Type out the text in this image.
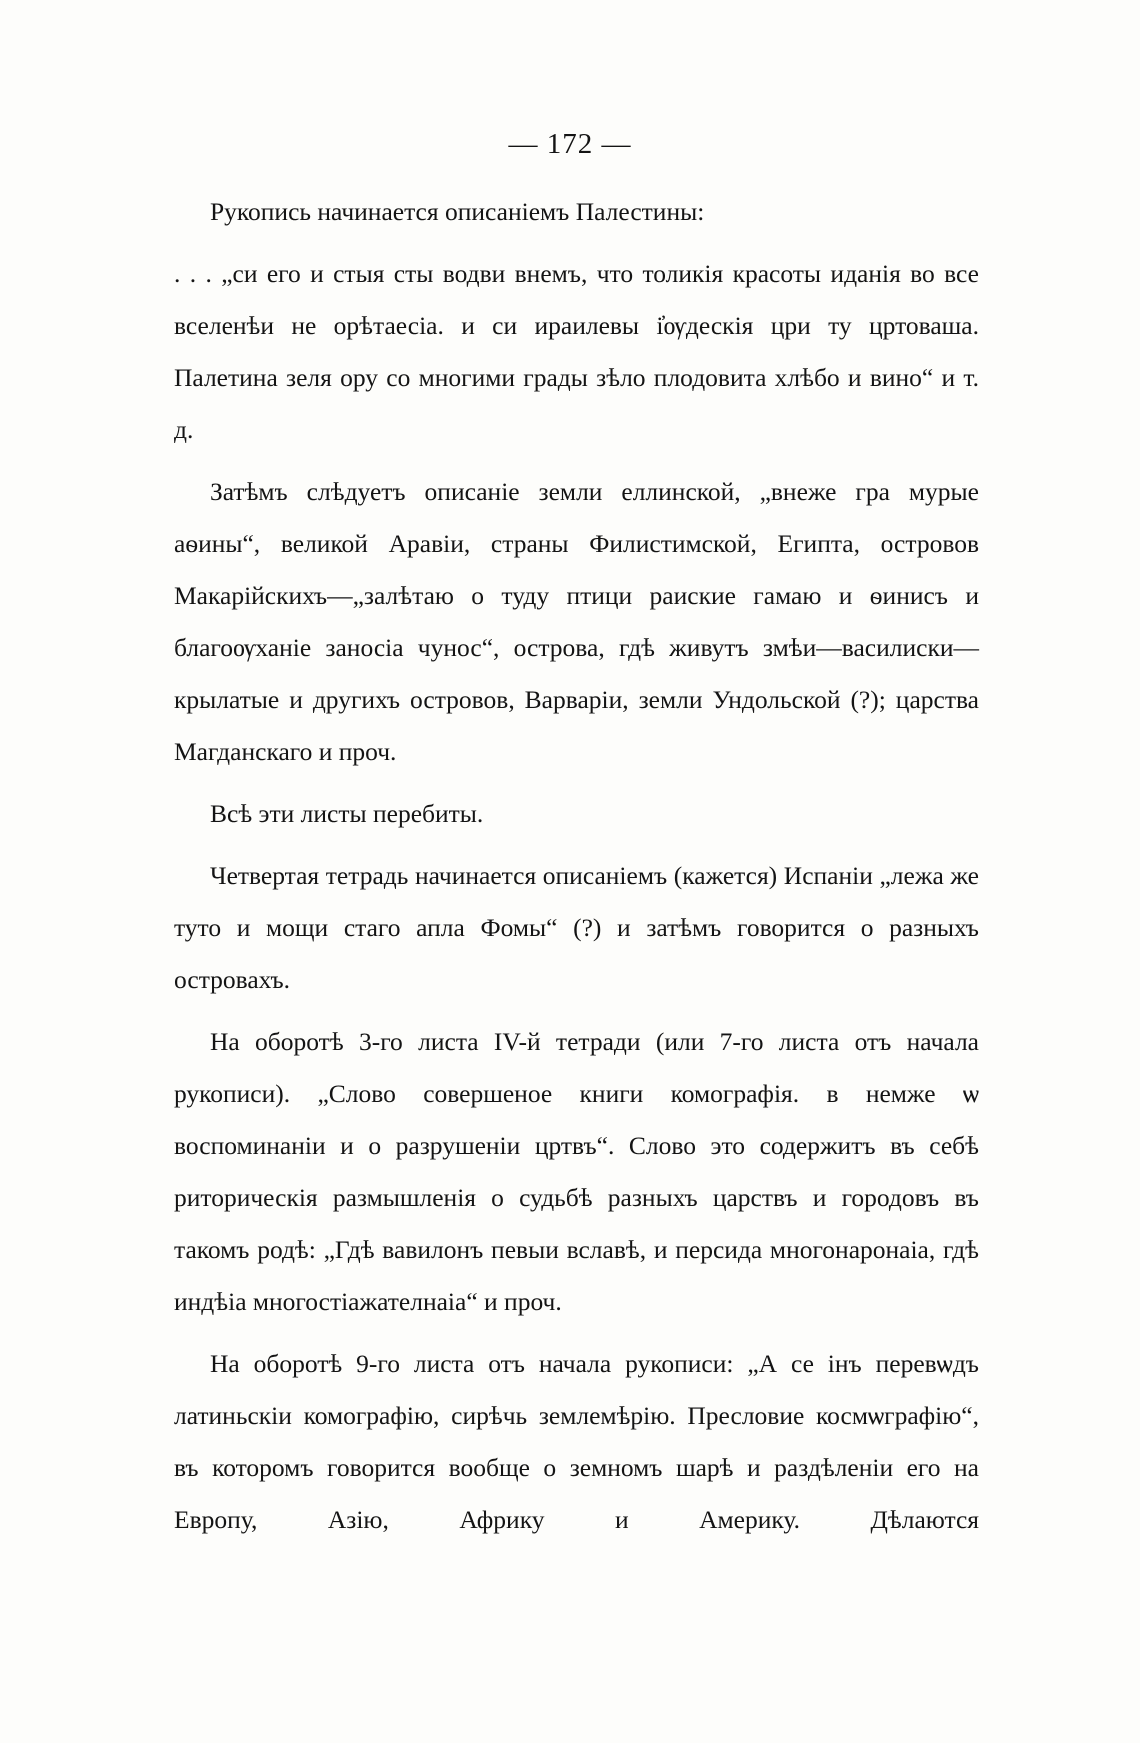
— 172 —

Рукопись начинается описаніемъ Палестины:

. . . „си его и стыя сты водви внемъ, что толикія красоты иданія во все вселенѣи не орѣтаесiа. и си ираилевы і҆ѹдескія цри ту цртоваша. Палетина зеля ору со многими грады зѣло плодовита хлѣбо и вино“ и т. д.

Затѣмъ слѣдуетъ описаніе земли еллинской, „внеже гра мурые аѳины“, великой Аравіи, страны Филистимской, Египта, островов Макарійскихъ—„залѣтаю о туду птици раиские гамаю и ѳинисъ и благоѹханiе заносiа чунос“, острова, гдѣ живутъ змѣи—василиски—крылатые и другихъ островов, Варваріи, земли Ундольской (?); царства Магданскаго и проч.

Всѣ эти листы перебиты.

Четвертая тетрадь начинается описаніемъ (кажется) Испаніи „лежа же туто и мощи стаго апла Фомы“ (?) и затѣмъ говорится о разныхъ островахъ.

На оборотѣ 3-го листа IV-й тетради (или 7-го листа отъ начала рукописи). „Слово совершеное книги комографія. в немже ѡ воспоминаніи и о разрушеніи цртвъ“. Слово это содержитъ въ себѣ риторическія размышленія о судьбѣ разныхъ царствъ и городовъ въ такомъ родѣ: „Гдѣ вавилонъ певыи вславѣ, и персида многонаронаiа, гдѣ индѣiа многостiажателнаiа“ и проч.

На оборотѣ 9-го листа отъ начала рукописи: „А се інъ перевѡдъ латиньскiи комографію, сирѣчь землемѣрію. Пресловие космѡграфію“, въ которомъ говорится вообще о земномъ шарѣ и раздѣленіи его на Европу, Азію, Африку и Америку. Дѣлаются
